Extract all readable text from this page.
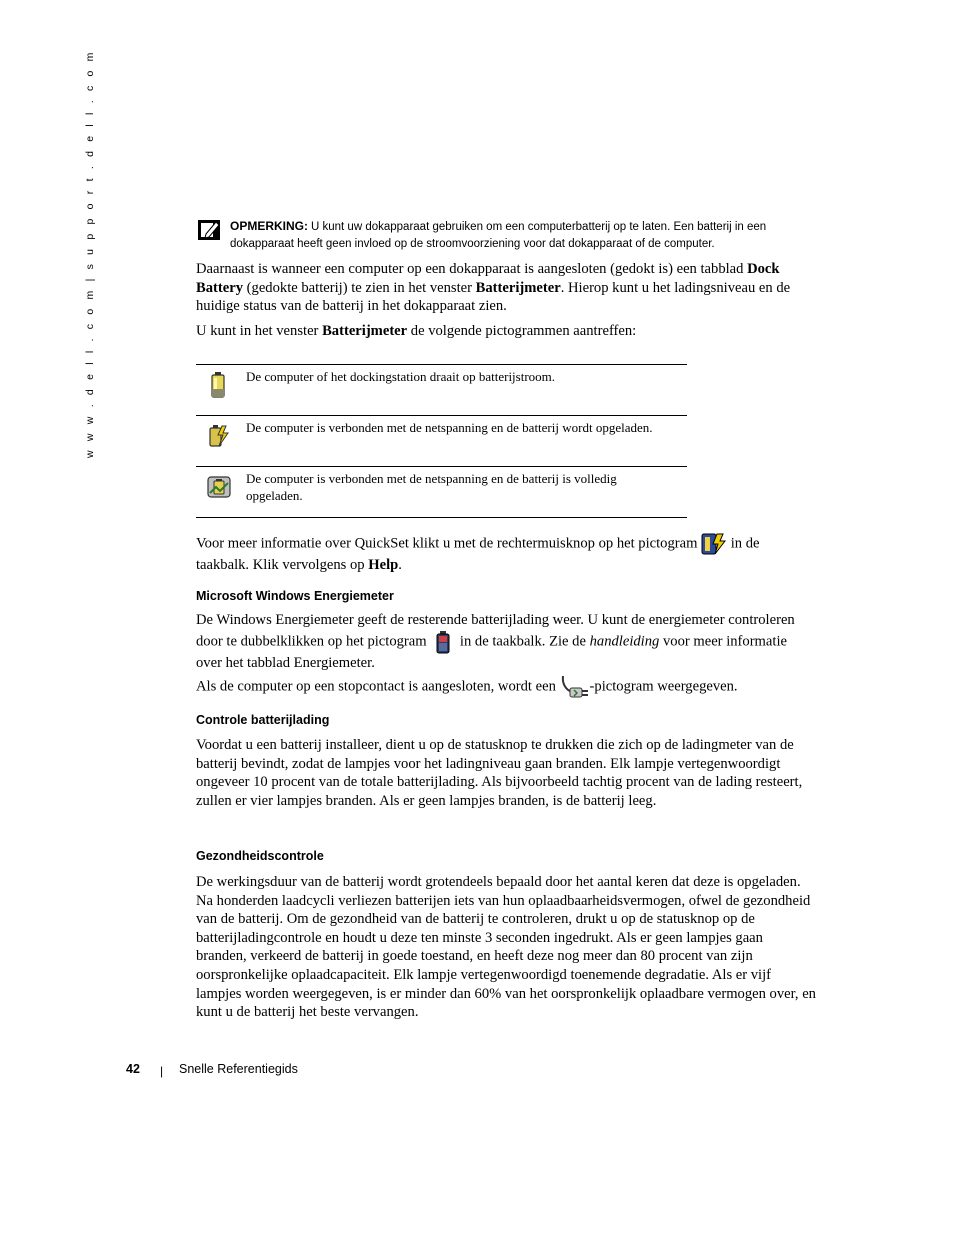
w w w . d e l l . c o m | s u p p o r t . d e l l . c o m	OPMERKING: U kunt uw dokapparaat gebruiken om een computerbatterij op te laten. Een batterij in een dokapparaat heeft geen invloed op de stroomvoorziening voor dat dokapparaat of de computer.

Daarnaast is wanneer een computer op een dokapparaat is aangesloten (gedokt is) een tabblad Dock Battery (gedokte batterij) te zien in het venster Batterijmeter. Hierop kunt u het ladingsniveau en de huidige status van de batterij in het dokapparaat zien.

U kunt in het venster Batterijmeter de volgende pictogrammen aantreffen:

De computer of het dockingstation draait op batterijstroom.
De computer is verbonden met de netspanning en de batterij wordt opgeladen.
De computer is verbonden met de netspanning en de batterij is volledig opgeladen.

Voor meer informatie over QuickSet klikt u met de rechtermuisknop op het pictogram  in de taakbalk. Klik vervolgens op Help.

Microsoft Windows Energiemeter

De Windows Energiemeter geeft de resterende batterijlading weer. U kunt de energiemeter controleren door te dubbelklikken op het pictogram  in de taakbalk. Zie de handleiding voor meer informatie over het tabblad Energiemeter.

Als de computer op een stopcontact is aangesloten, wordt een -pictogram weergegeven.

Controle batterijlading

Voordat u een batterij installeer, dient u op de statusknop te drukken die zich op de ladingmeter van de batterij bevindt, zodat de lampjes voor het ladingniveau gaan branden. Elk lampje vertegenwoordigt ongeveer 10 procent van de totale batterijlading. Als bijvoorbeeld tachtig procent van de lading resteert, zullen er vier lampjes branden. Als er geen lampjes branden, is de batterij leeg.

Gezondheidscontrole

De werkingsduur van de batterij wordt grotendeels bepaald door het aantal keren dat deze is opgeladen. Na honderden laadcycli verliezen batterijen iets van hun oplaadbaarheidsvermogen, ofwel de gezondheid van de batterij. Om de gezondheid van de batterij te controleren, drukt u op de statusknop op de batterijladingcontrole en houdt u deze ten minste 3 seconden ingedrukt. Als er geen lampjes gaan branden, verkeerd de batterij in goede toestand, en heeft deze nog meer dan 80 procent van zijn oorspronkelijke oplaadcapaciteit. Elk lampje vertegenwoordigd toenemende degradatie. Als er vijf lampjes worden weergegeven, is er minder dan 60% van het oorspronkelijk oplaadbare vermogen over, en kunt u de batterij het beste vervangen.

42 | Snelle Referentiegids
